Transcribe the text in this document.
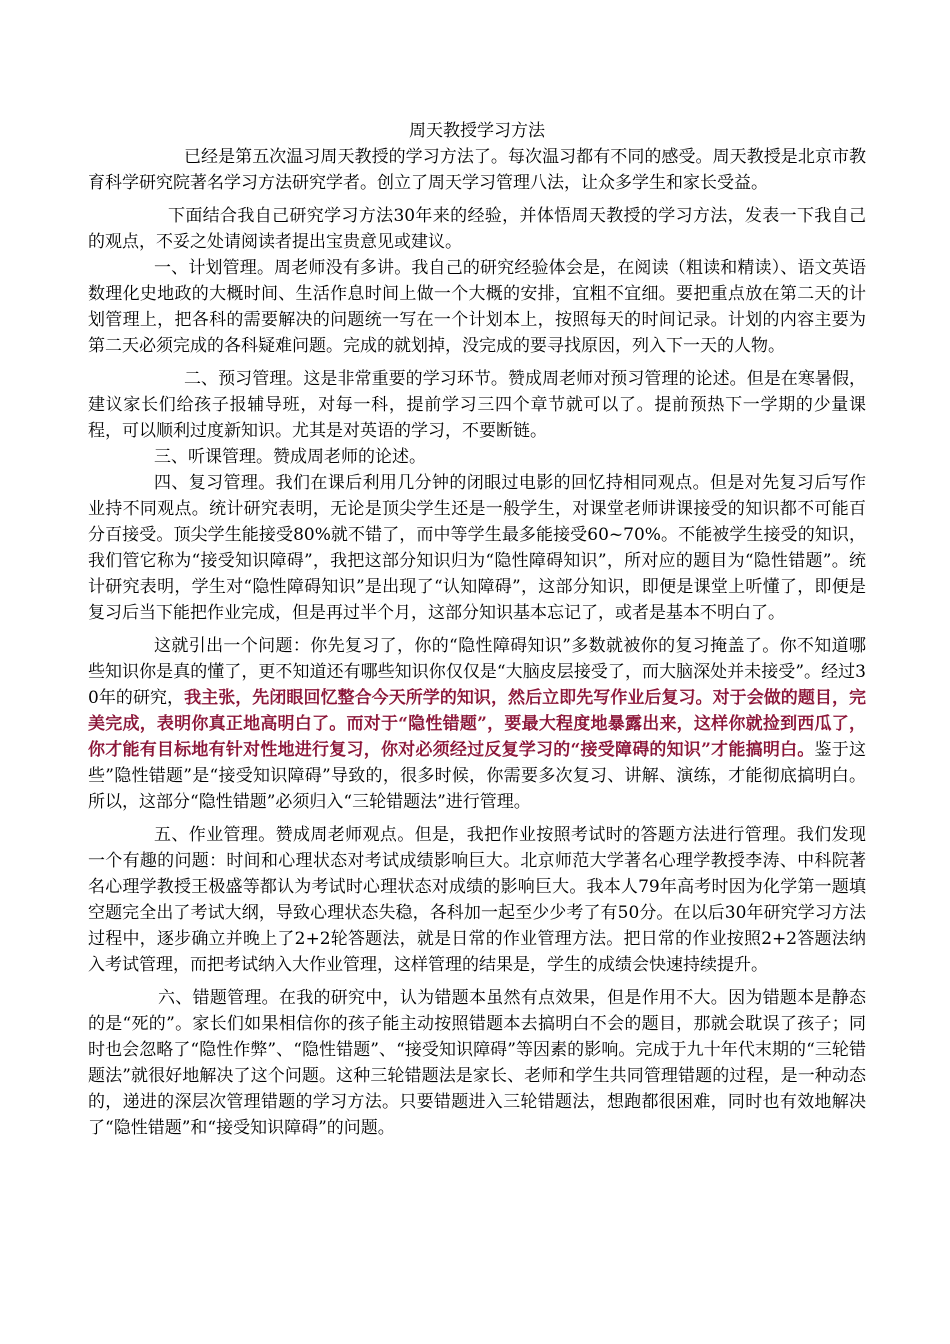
周天教授学习方法

已经是第五次温习周天教授的学习方法了。每次温习都有不同的感受。周天教授是北京市教育科学研究院著名学习方法研究学者。创立了周天学习管理八法，让众多学生和家长受益。

下面结合我自己研究学习方法30年来的经验，并体悟周天教授的学习方法，发表一下我自己的观点，不妥之处请阅读者提出宝贵意见或建议。

一、计划管理。周老师没有多讲。我自己的研究经验体会是，在阅读（粗读和精读）、语文英语数理化史地政的大概时间、生活作息时间上做一个大概的安排，宜粗不宜细。要把重点放在第二天的计划管理上，把各科的需要解决的问题统一写在一个计划本上，按照每天的时间记录。计划的内容主要为第二天必须完成的各科疑难问题。完成的就划掉，没完成的要寻找原因，列入下一天的人物。

二、预习管理。这是非常重要的学习环节。赞成周老师对预习管理的论述。但是在寒暑假，建议家长们给孩子报辅导班，对每一科，提前学习三四个章节就可以了。提前预热下一学期的少量课程，可以顺利过度新知识。尤其是对英语的学习，不要断链。

三、听课管理。赞成周老师的论述。

四、复习管理。我们在课后利用几分钟的闭眼过电影的回忆持相同观点。但是对先复习后写作业持不同观点。统计研究表明，无论是顶尖学生还是一般学生，对课堂老师讲课接受的知识都不可能百分百接受。顶尖学生能接受80%就不错了，而中等学生最多能接受60~70%。不能被学生接受的知识，我们管它称为“接受知识障碍”，我把这部分知识归为“隐性障碍知识”，所对应的题目为“隐性错题”。统计研究表明，学生对“隐性障碍知识”是出现了“认知障碍”，这部分知识，即便是课堂上听懂了，即便是复习后当下能把作业完成，但是再过半个月，这部分知识基本忘记了，或者是基本不明白了。

这就引出一个问题：你先复习了，你的“隐性障碍知识”多数就被你的复习掩盖了。你不知道哪些知识你是真的懂了，更不知道还有哪些知识你仅仅是“大脑皮层接受了，而大脑深处并未接受”。经过30年的研究，我主张，先闭眼回忆整合今天所学的知识，然后立即先写作业后复习。对于会做的题目，完美完成，表明你真正地高明白了。而对于“隐性错题”，要最大程度地暴露出来，这样你就捡到西瓜了，你才能有目标地有针对性地进行复习，你对必须经过反复学习的“接受障碍的知识”才能搞明白。鉴于这些”隐性错题”是“接受知识障碍”导致的，很多时候，你需要多次复习、讲解、演练，才能彻底搞明白。所以，这部分“隐性错题”必须归入“三轮错题法”进行管理。

五、作业管理。赞成周老师观点。但是，我把作业按照考试时的答题方法进行管理。我们发现一个有趣的问题：时间和心理状态对考试成绩影响巨大。北京师范大学著名心理学教授李涛、中科院著名心理学教授王极盛等都认为考试时心理状态对成绩的影响巨大。我本人79年高考时因为化学第一题填空题完全出了考试大纲，导致心理状态失稳，各科加一起至少少考了有50分。在以后30年研究学习方法过程中，逐步确立并晚上了2+2轮答题法，就是日常的作业管理方法。把日常的作业按照2+2答题法纳入考试管理，而把考试纳入大作业管理，这样管理的结果是，学生的成绩会快速持续提升。

六、错题管理。在我的研究中，认为错题本虽然有点效果，但是作用不大。因为错题本是静态的是“死的”。家长们如果相信你的孩子能主动按照错题本去搞明白不会的题目，那就会耽误了孩子；同时也会忽略了“隐性作弊”、“隐性错题”、“接受知识障碍”等因素的影响。完成于九十年代末期的“三轮错题法”就很好地解决了这个问题。这种三轮错题法是家长、老师和学生共同管理错题的过程，是一种动态的，递进的深层次管理错题的学习方法。只要错题进入三轮错题法，想跑都很困难，同时也有效地解决了“隐性错题”和“接受知识障碍”的问题。
